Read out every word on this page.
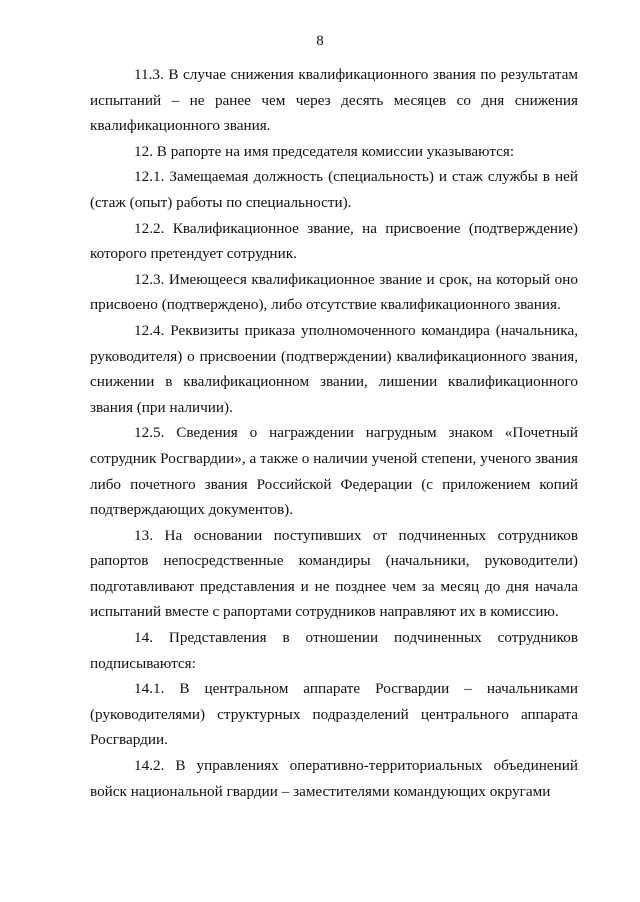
8

11.3. В случае снижения квалификационного звания по результатам испытаний – не ранее чем через десять месяцев со дня снижения квалификационного звания.

12. В рапорте на имя председателя комиссии указываются:

12.1. Замещаемая должность (специальность) и стаж службы в ней (стаж (опыт) работы по специальности).

12.2. Квалификационное звание, на присвоение (подтверждение) которого претендует сотрудник.

12.3. Имеющееся квалификационное звание и срок, на который оно присвоено (подтверждено), либо отсутствие квалификационного звания.

12.4. Реквизиты приказа уполномоченного командира (начальника, руководителя) о присвоении (подтверждении) квалификационного звания, снижении в квалификационном звании, лишении квалификационного звания (при наличии).

12.5. Сведения о награждении нагрудным знаком «Почетный сотрудник Росгвардии», а также о наличии ученой степени, ученого звания либо почетного звания Российской Федерации (с приложением копий подтверждающих документов).

13. На основании поступивших от подчиненных сотрудников рапортов непосредственные командиры (начальники, руководители) подготавливают представления и не позднее чем за месяц до дня начала испытаний вместе с рапортами сотрудников направляют их в комиссию.

14. Представления в отношении подчиненных сотрудников подписываются:

14.1. В центральном аппарате Росгвардии – начальниками (руководителями) структурных подразделений центрального аппарата Росгвардии.

14.2. В управлениях оперативно-территориальных объединений войск национальной гвардии – заместителями командующих округами
